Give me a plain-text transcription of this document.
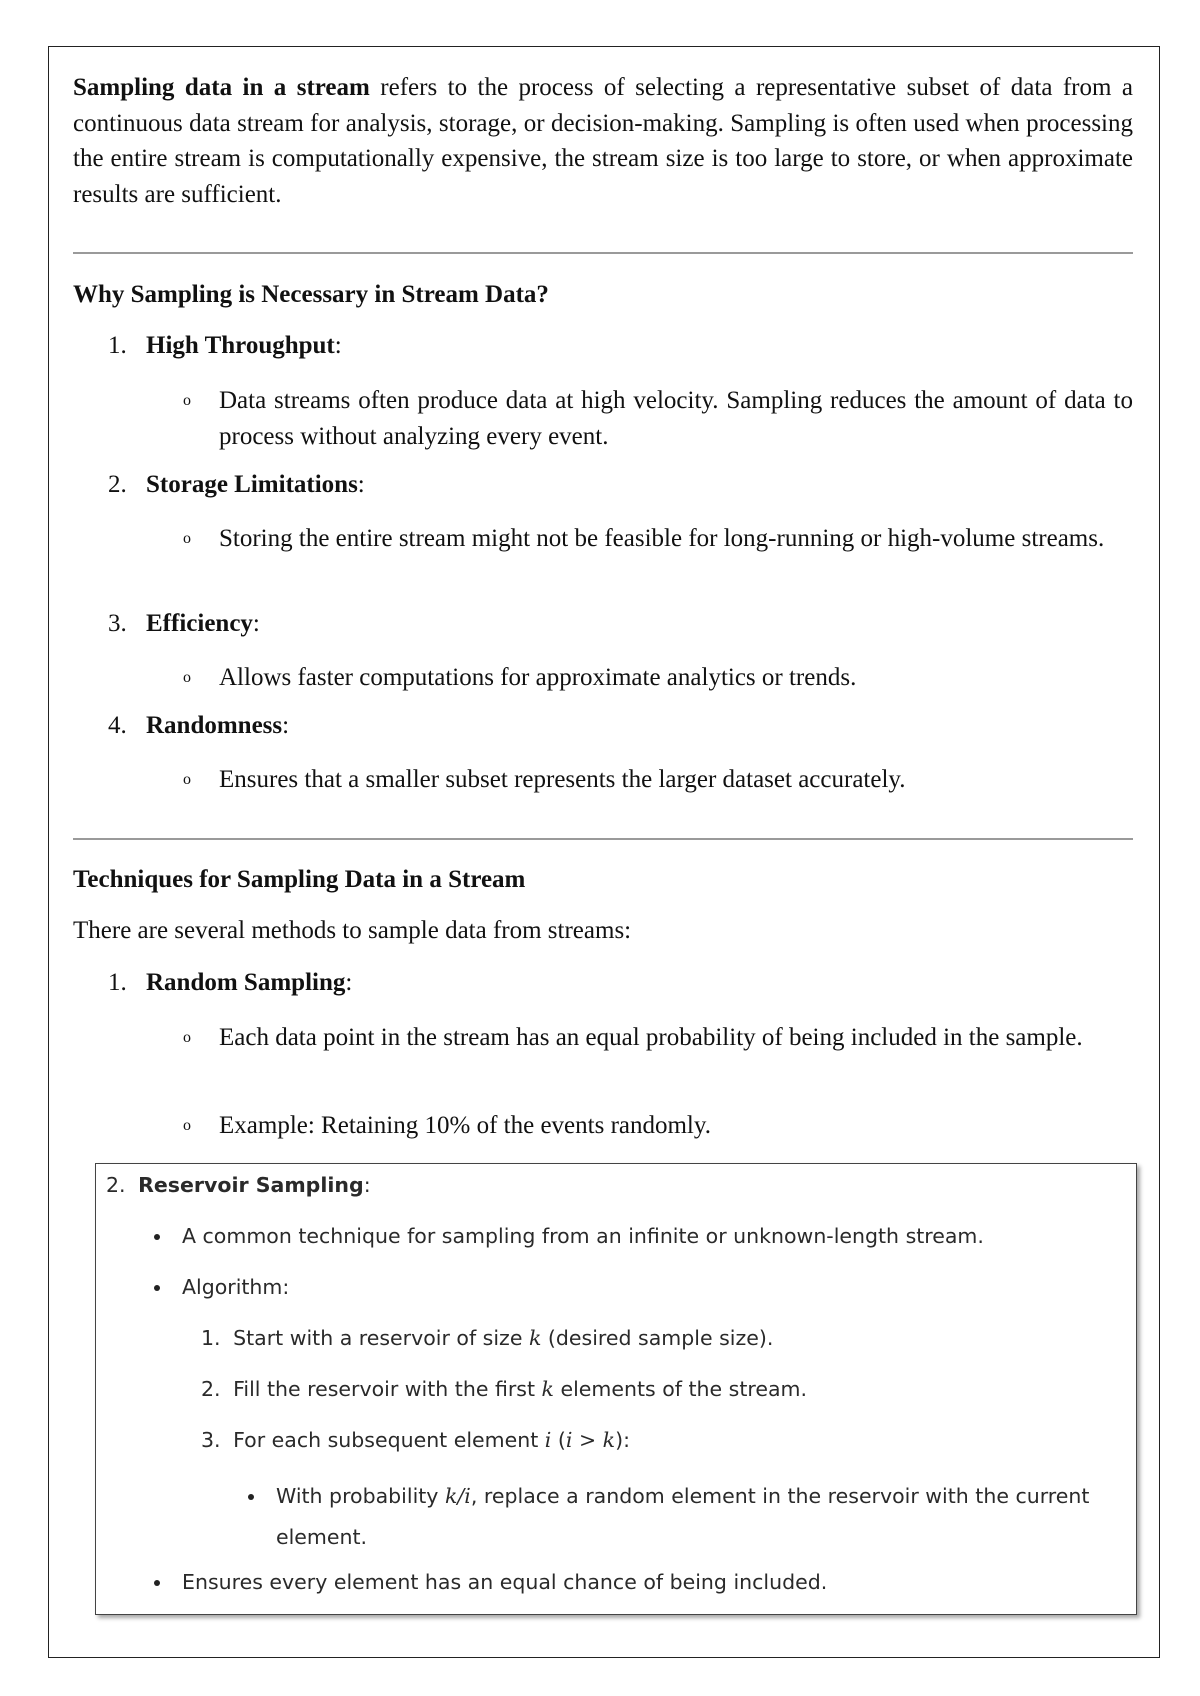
Sampling data in a stream refers to the process of selecting a representative subset of data from a continuous data stream for analysis, storage, or decision-making. Sampling is often used when processing the entire stream is computationally expensive, the stream size is too large to store, or when approximate results are sufficient.
Why Sampling is Necessary in Stream Data?
1. High Throughput:
o Data streams often produce data at high velocity. Sampling reduces the amount of data to process without analyzing every event.
2. Storage Limitations:
o Storing the entire stream might not be feasible for long-running or high-volume streams.
3. Efficiency:
o Allows faster computations for approximate analytics or trends.
4. Randomness:
o Ensures that a smaller subset represents the larger dataset accurately.
Techniques for Sampling Data in a Stream
There are several methods to sample data from streams:
1. Random Sampling:
o Each data point in the stream has an equal probability of being included in the sample.
o Example: Retaining 10% of the events randomly.
2. Reservoir Sampling:
A common technique for sampling from an infinite or unknown-length stream.
Algorithm:
1. Start with a reservoir of size k (desired sample size).
2. Fill the reservoir with the first k elements of the stream.
3. For each subsequent element i (i > k):
With probability k/i, replace a random element in the reservoir with the current
element.
Ensures every element has an equal chance of being included.
